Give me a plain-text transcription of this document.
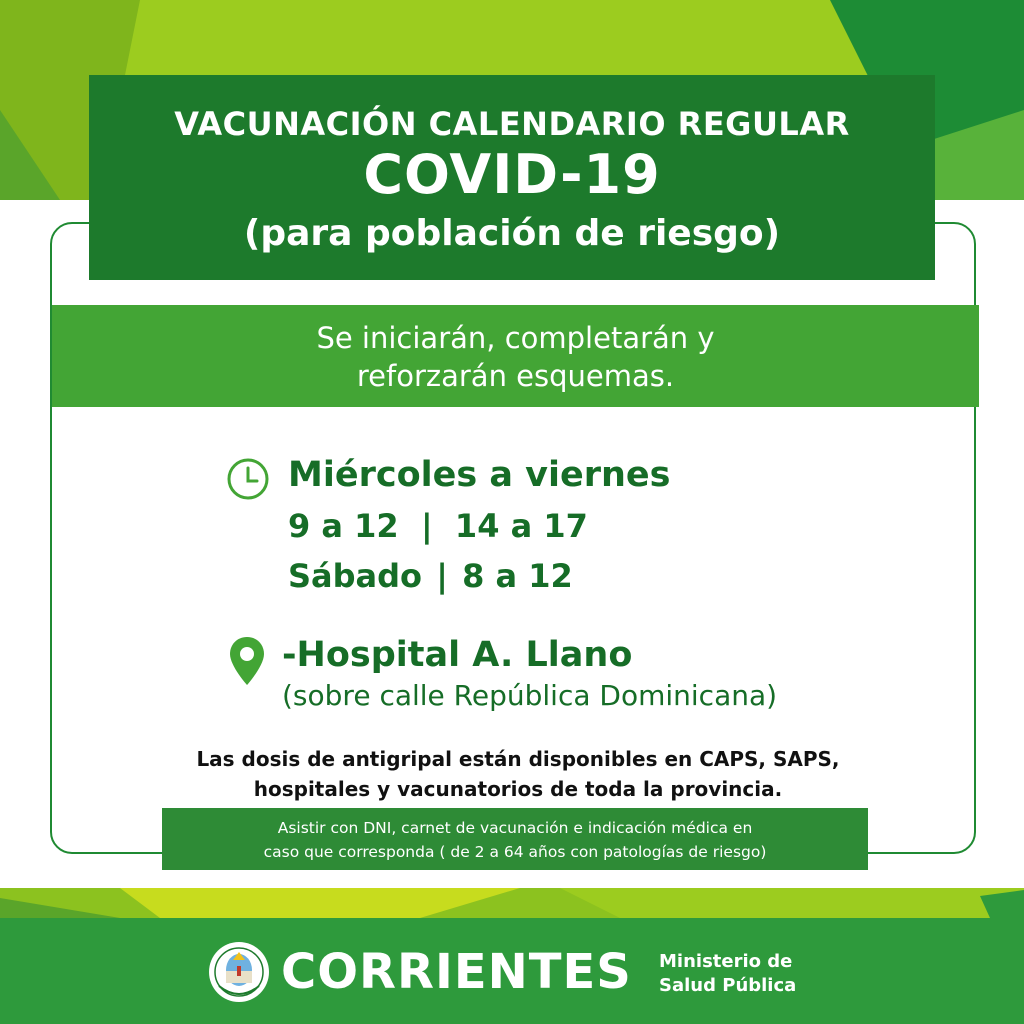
VACUNACIÓN CALENDARIO REGULAR
COVID-19
(para población de riesgo)
Se iniciarán, completarán y
reforzarán esquemas.
Miércoles a viernes
9 a 12  |  14 a 17
Sábado | 8 a 12
-Hospital A. Llano
(sobre calle República Dominicana)
Las dosis de antigripal están disponibles en CAPS, SAPS,
hospitales y vacunatorios de toda la provincia.
Asistir con DNI, carnet de vacunación e indicación médica en
caso que corresponda ( de 2 a 64 años con patologías de riesgo)
CORRIENTES Ministerio de
Salud Pública
